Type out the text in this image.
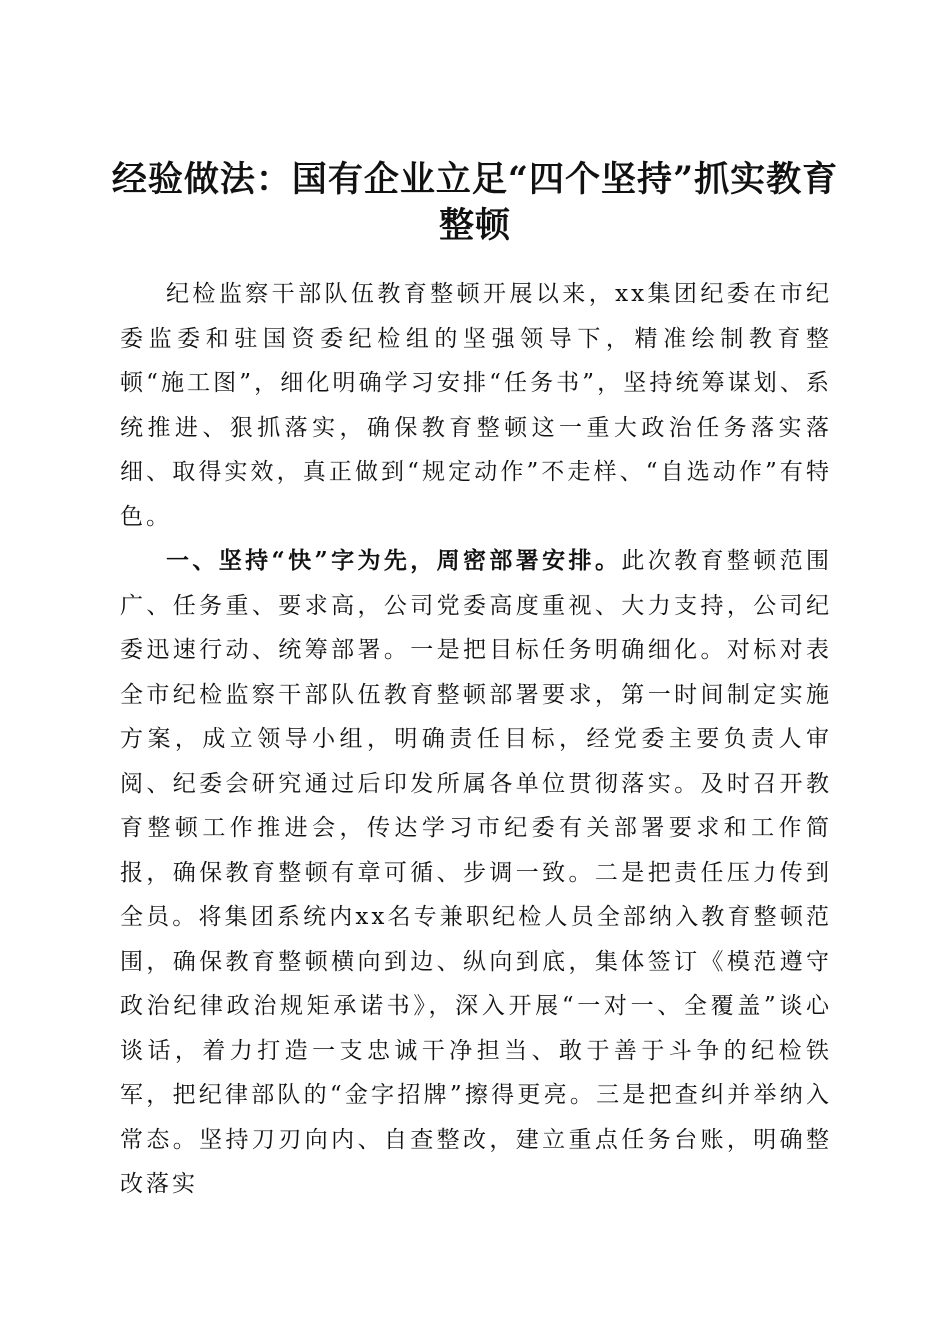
经验做法：国有企业立足“四个坚持”抓实教育整顿

纪检监察干部队伍教育整顿开展以来，xx集团纪委在市纪委监委和驻国资委纪检组的坚强领导下，精准绘制教育整顿“施工图”，细化明确学习安排“任务书”，坚持统筹谋划、系统推进、狠抓落实，确保教育整顿这一重大政治任务落实落细、取得实效，真正做到“规定动作”不走样、“自选动作”有特色。

一、坚持“快”字为先，周密部署安排。此次教育整顿范围广、任务重、要求高，公司党委高度重视、大力支持，公司纪委迅速行动、统筹部署。一是把目标任务明确细化。对标对表全市纪检监察干部队伍教育整顿部署要求，第一时间制定实施方案，成立领导小组，明确责任目标，经党委主要负责人审阅、纪委会研究通过后印发所属各单位贯彻落实。及时召开教育整顿工作推进会，传达学习市纪委有关部署要求和工作简报，确保教育整顿有章可循、步调一致。二是把责任压力传到全员。将集团系统内xx名专兼职纪检人员全部纳入教育整顿范围，确保教育整顿横向到边、纵向到底，集体签订《模范遵守政治纪律政治规矩承诺书》，深入开展“一对一、全覆盖”谈心谈话，着力打造一支忠诚干净担当、敢于善于斗争的纪检铁军，把纪律部队的“金字招牌”擦得更亮。三是把查纠并举纳入常态。坚持刀刃向内、自查整改，建立重点任务台账，明确整改落实
